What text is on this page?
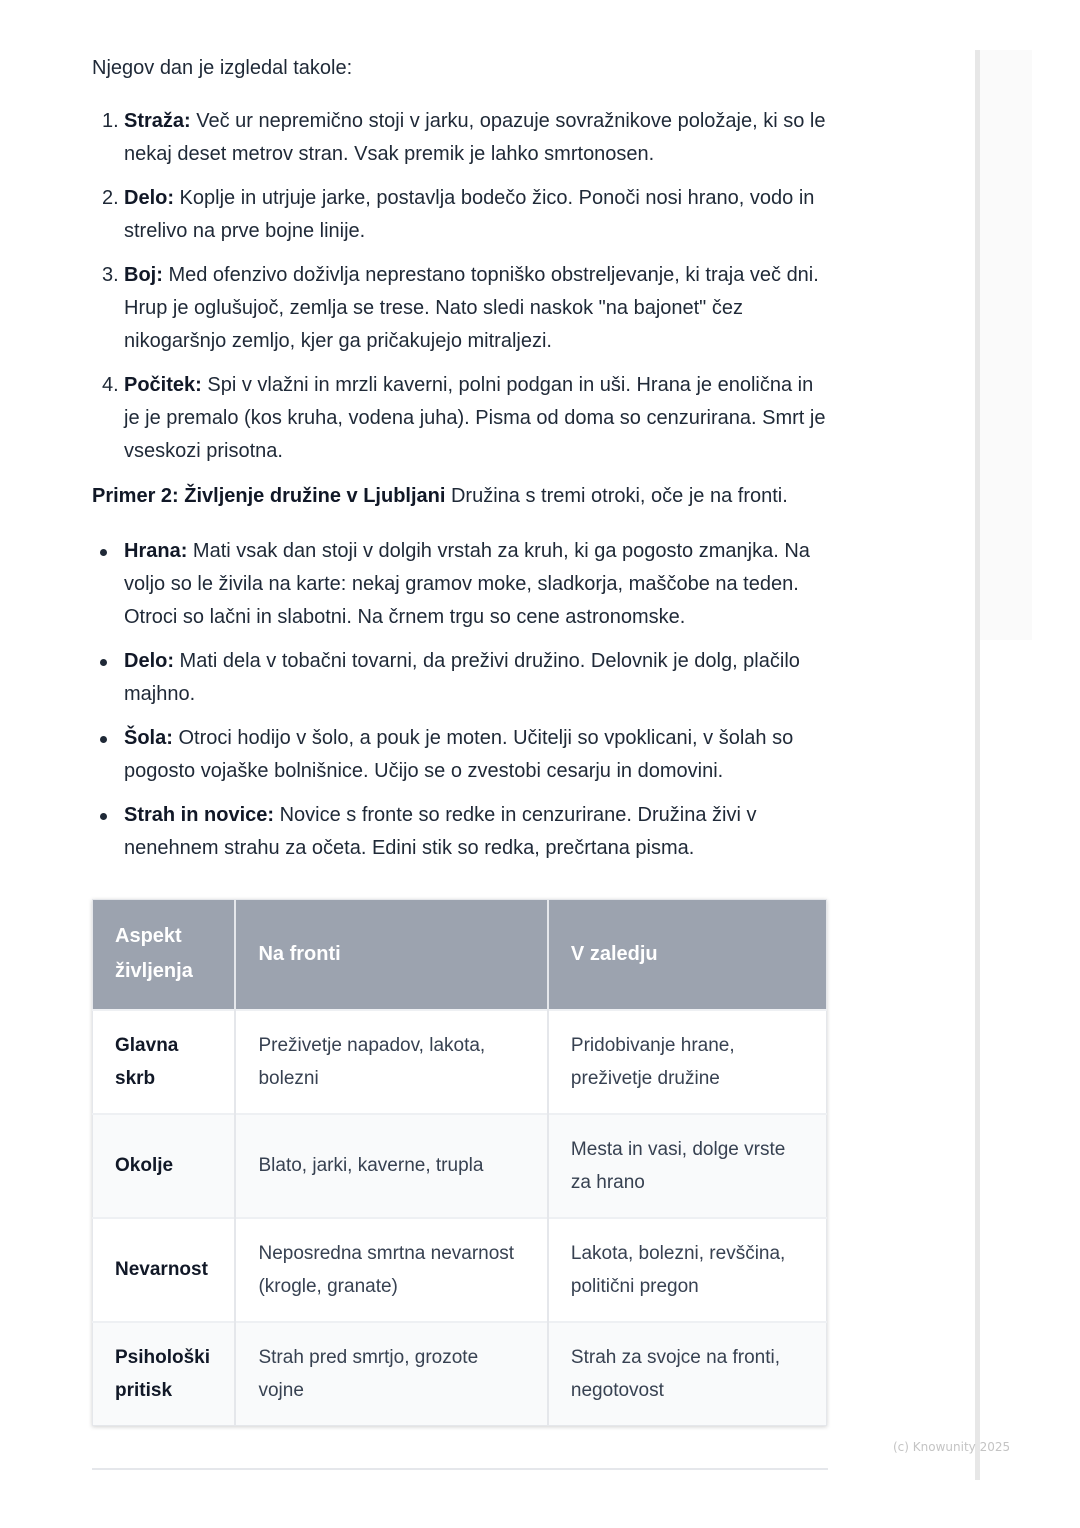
Njegov dan je izgledal takole:

1. Straža: Več ur nepremično stoji v jarku, opazuje sovražnikove položaje, ki so le nekaj deset metrov stran. Vsak premik je lahko smrtonosen.
2. Delo: Koplje in utrjuje jarke, postavlja bodečo žico. Ponoči nosi hrano, vodo in strelivo na prve bojne linije.
3. Boj: Med ofenzivo doživlja neprestano topniško obstreljevanje, ki traja več dni. Hrup je oglušujoč, zemlja se trese. Nato sledi naskok "na bajonet" čez nikogaršnjo zemljo, kjer ga pričakujejo mitraljezi.
4. Počitek: Spi v vlažni in mrzli kaverni, polni podgan in uši. Hrana je enolična in je je premalo (kos kruha, vodena juha). Pisma od doma so cenzurirana. Smrt je vseskozi prisotna.

Primer 2: Življenje družine v Ljubljani Družina s tremi otroki, oče je na fronti.

Hrana: Mati vsak dan stoji v dolgih vrstah za kruh, ki ga pogosto zmanjka. Na voljo so le živila na karte: nekaj gramov moke, sladkorja, maščobe na teden. Otroci so lačni in slabotni. Na črnem trgu so cene astronomske.
Delo: Mati dela v tobačni tovarni, da preživi družino. Delovnik je dolg, plačilo majhno.
Šola: Otroci hodijo v šolo, a pouk je moten. Učitelji so vpoklicani, v šolah so pogosto vojaške bolnišnice. Učijo se o zvestobi cesarju in domovini.
Strah in novice: Novice s fronte so redke in cenzurirane. Družina živi v nenehnem strahu za očeta. Edini stik so redka, prečrtana pisma.
Aspekt življenja	Na fronti	V zaledju
Glavna skrb	Preživetje napadov, lakota, bolezni	Pridobivanje hrane, preživetje družine
Okolje	Blato, jarki, kaverne, trupla	Mesta in vasi, dolge vrste za hrano
Nevarnost	Neposredna smrtna nevarnost (krogle, granate)	Lakota, bolezni, revščina, politični pregon
Psihološki pritisk	Strah pred smrtjo, grozote vojne	Strah za svojce na fronti, negotovost
(c) Knowunity 2025
